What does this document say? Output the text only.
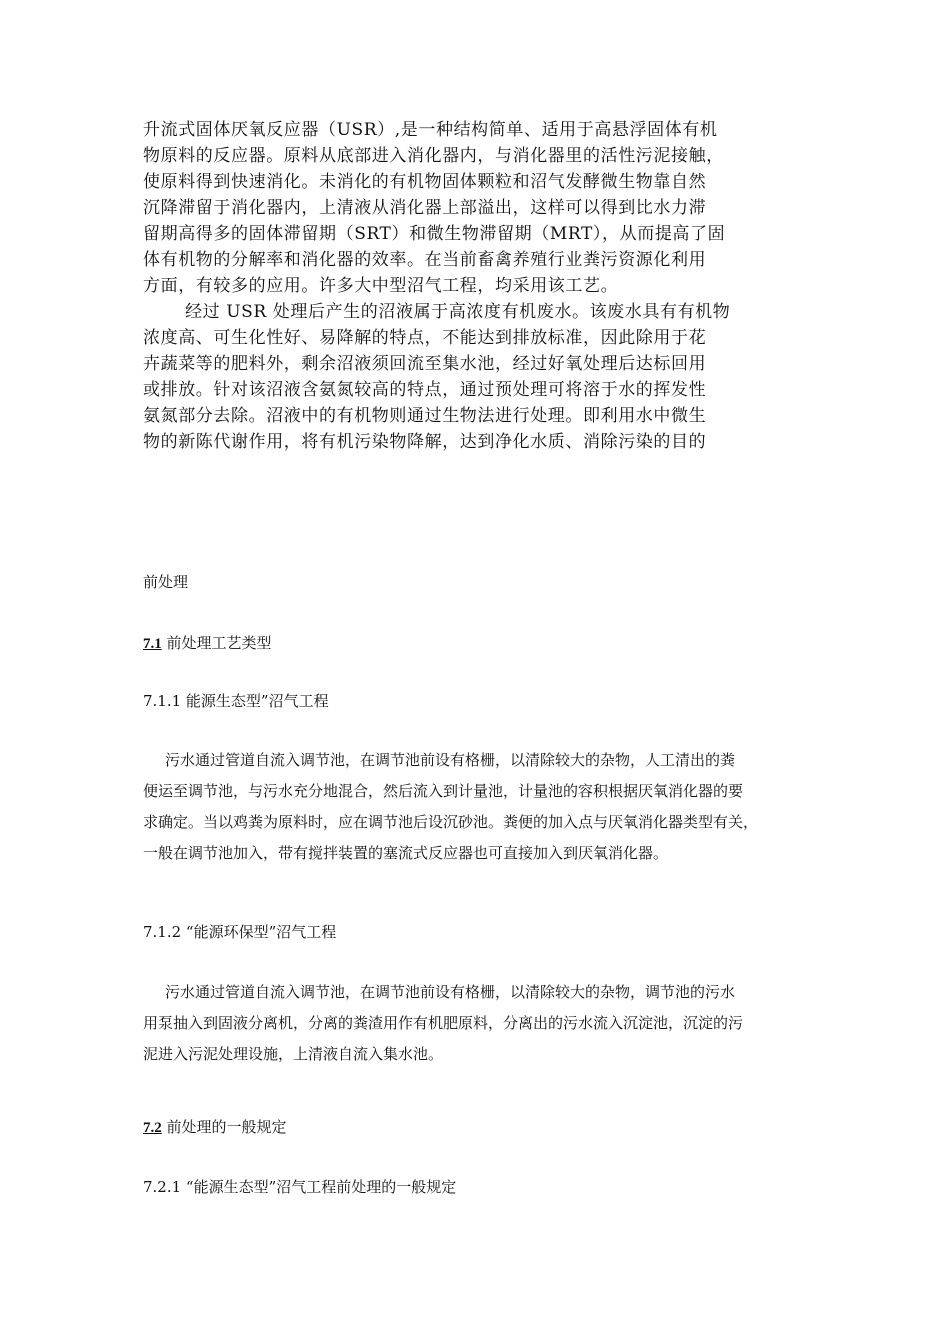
升流式固体厌氧反应器（USR）,是一种结构简单、适用于高悬浮固体有机
物原料的反应器。原料从底部进入消化器内，与消化器里的活性污泥接触，
使原料得到快速消化。未消化的有机物固体颗粒和沼气发酵微生物靠自然
沉降滞留于消化器内，上清液从消化器上部溢出，这样可以得到比水力滞
留期高得多的固体滞留期（SRT）和微生物滞留期（MRT），从而提高了固
体有机物的分解率和消化器的效率。在当前畜禽养殖行业粪污资源化利用
方面，有较多的应用。许多大中型沼气工程，均采用该工艺。
经过 USR 处理后产生的沼液属于高浓度有机废水。该废水具有有机物
浓度高、可生化性好、易降解的特点，不能达到排放标准，因此除用于花
卉蔬菜等的肥料外，剩余沼液须回流至集水池，经过好氧处理后达标回用
或排放。针对该沼液含氨氮较高的特点，通过预处理可将溶于水的挥发性
氨氮部分去除。沼液中的有机物则通过生物法进行处理。即利用水中微生
物的新陈代谢作用，将有机污染物降解，达到净化水质、消除污染的目的
前处理
7.1 前处理工艺类型
7.1.1 能源生态型”沼气工程
污水通过管道自流入调节池，在调节池前设有格栅，以清除较大的杂物，人工清出的粪
便运至调节池，与污水充分地混合，然后流入到计量池，计量池的容积根据厌氧消化器的要
求确定。当以鸡粪为原料时，应在调节池后设沉砂池。粪便的加入点与厌氧消化器类型有关，
一般在调节池加入，带有搅拌装置的塞流式反应器也可直接加入到厌氧消化器。
7.1.2 “能源环保型”沼气工程
污水通过管道自流入调节池，在调节池前设有格栅，以清除较大的杂物，调节池的污水
用泵抽入到固液分离机，分离的粪渣用作有机肥原料，分离出的污水流入沉淀池，沉淀的污
泥进入污泥处理设施，上清液自流入集水池。
7.2 前处理的一般规定
7.2.1 “能源生态型”沼气工程前处理的一般规定
